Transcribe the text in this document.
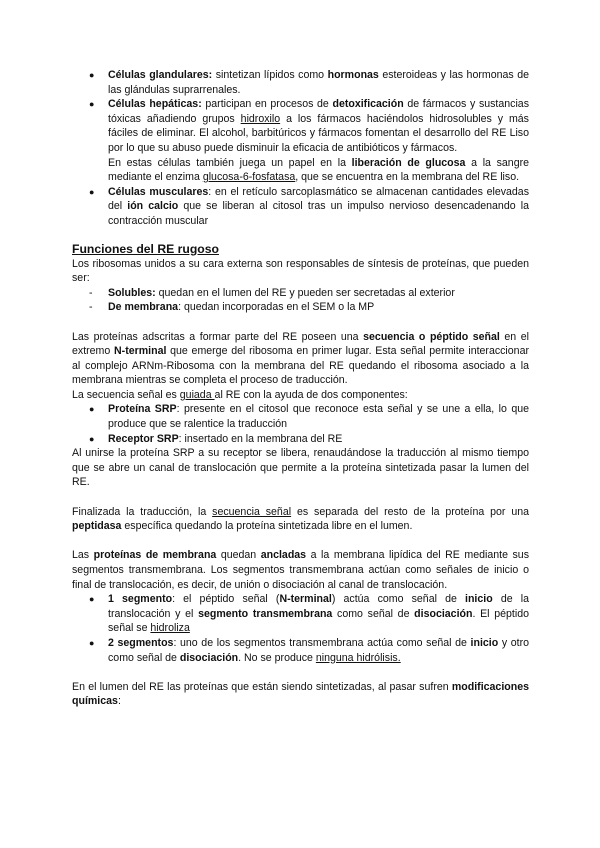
● Células glandulares: sintetizan lípidos como hormonas esteroideas y las hormonas de las glándulas suprarrenales.
● Células hepáticas: participan en procesos de detoxificación de fármacos y sustancias tóxicas añadiendo grupos hidroxilo a los fármacos haciéndolos hidrosolubles y más fáciles de eliminar. El alcohol, barbitúricos y fármacos fomentan el desarrollo del RE Liso por lo que su abuso puede disminuir la eficacia de antibióticos y fármacos.
En estas células también juega un papel en la liberación de glucosa a la sangre mediante el enzima glucosa-6-fosfatasa, que se encuentra en la membrana del RE liso.
● Células musculares: en el retículo sarcoplasmático se almacenan cantidades elevadas del ión calcio que se liberan al citosol tras un impulso nervioso desencadenando la contracción muscular
Funciones del RE rugoso

Los ribosomas unidos a su cara externa son responsables de síntesis de proteínas, que pueden ser:

- Solubles: quedan en el lumen del RE y pueden ser secretadas al exterior
- De membrana: quedan incorporadas en el SEM o la MP

Las proteínas adscritas a formar parte del RE poseen una secuencia o péptido señal en el extremo N-terminal que emerge del ribosoma en primer lugar. Esta señal permite interaccionar al complejo ARNm-Ribosoma con la membrana del RE quedando el ribosoma asociado a la membrana mientras se completa el proceso de traducción.

La secuencia señal es guiada al RE con la ayuda de dos componentes:

● Proteína SRP: presente en el citosol que reconoce esta señal y se une a ella, lo que produce que se ralentice la traducción
● Receptor SRP: insertado en la membrana del RE

Al unirse la proteína SRP a su receptor se libera, renaudándose la traducción al mismo tiempo que se abre un canal de translocación que permite a la proteína sintetizada pasar la lumen del RE.

Finalizada la traducción, la secuencia señal es separada del resto de la proteína por una peptidasa específica quedando la proteína sintetizada libre en el lumen.

Las proteínas de membrana quedan ancladas a la membrana lipídica del RE mediante sus segmentos transmembrana. Los segmentos transmembrana actúan como señales de inicio o final de translocación, es decir, de unión o disociación al canal de translocación.

● 1 segmento: el péptido señal (N-terminal) actúa como señal de inicio de la translocación y el segmento transmembrana como señal de disociación. El péptido señal se hidroliza
● 2 segmentos: uno de los segmentos transmembrana actúa como señal de inicio y otro como señal de disociación. No se produce ninguna hidrólisis.

En el lumen del RE las proteínas que están siendo sintetizadas, al pasar sufren modificaciones químicas:
